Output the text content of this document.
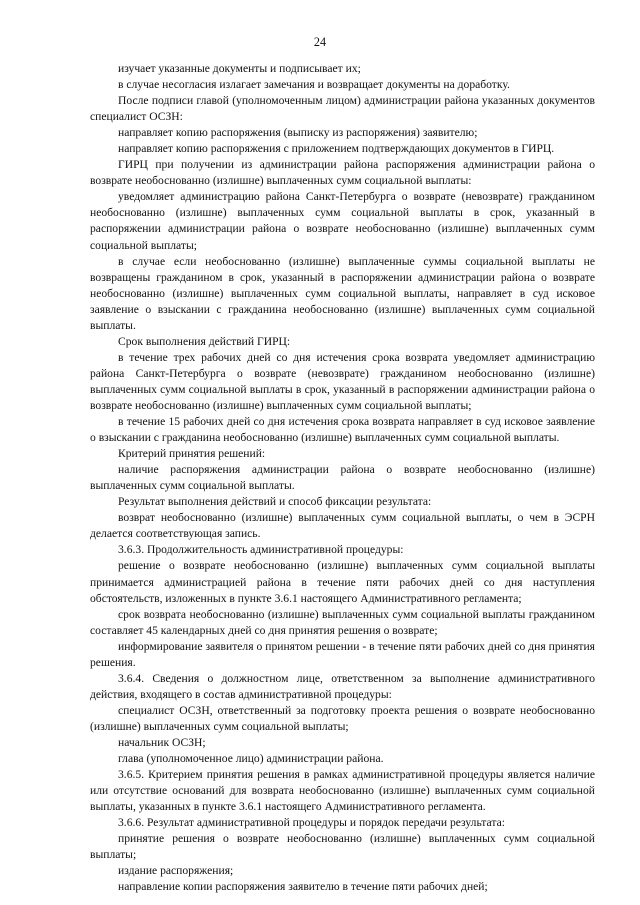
24

изучает указанные документы и подписывает их;

в случае несогласия излагает замечания и возвращает документы на доработку.

После подписи главой (уполномоченным лицом) администрации района указанных документов специалист ОСЗН:

направляет копию распоряжения (выписку из распоряжения) заявителю;

направляет копию распоряжения с приложением подтверждающих документов в ГИРЦ.

ГИРЦ при получении из администрации района распоряжения администрации района о возврате необоснованно (излишне) выплаченных сумм социальной выплаты:

уведомляет администрацию района Санкт-Петербурга о возврате (невозврате) гражданином необоснованно (излишне) выплаченных сумм социальной выплаты в срок, указанный в распоряжении администрации района о возврате необоснованно (излишне) выплаченных сумм социальной выплаты;

в случае если необоснованно (излишне) выплаченные суммы социальной выплаты не возвращены гражданином в срок, указанный в распоряжении администрации района о возврате необоснованно (излишне) выплаченных сумм социальной выплаты, направляет в суд исковое заявление о взыскании с гражданина необоснованно (излишне) выплаченных сумм социальной выплаты.

Срок выполнения действий ГИРЦ:

в течение трех рабочих дней со дня истечения срока возврата уведомляет администрацию района Санкт-Петербурга о возврате (невозврате) гражданином необоснованно (излишне) выплаченных сумм социальной выплаты в срок, указанный в распоряжении администрации района о возврате необоснованно (излишне) выплаченных сумм социальной выплаты;

в течение 15 рабочих дней со дня истечения срока возврата направляет в суд исковое заявление о взыскании с гражданина необоснованно (излишне) выплаченных сумм социальной выплаты.

Критерий принятия решений:

наличие распоряжения администрации района о возврате необоснованно (излишне) выплаченных сумм социальной выплаты.

Результат выполнения действий и способ фиксации результата:

возврат необоснованно (излишне) выплаченных сумм социальной выплаты, о чем в ЭСРН делается соответствующая запись.

3.6.3. Продолжительность административной процедуры:

решение о возврате необоснованно (излишне) выплаченных сумм социальной выплаты принимается администрацией района в течение пяти рабочих дней со дня наступления обстоятельств, изложенных в пункте 3.6.1 настоящего Административного регламента;

срок возврата необоснованно (излишне) выплаченных сумм социальной выплаты гражданином составляет 45 календарных дней со дня принятия решения о возврате;

информирование заявителя о принятом решении - в течение пяти рабочих дней со дня принятия решения.

3.6.4. Сведения о должностном лице, ответственном за выполнение административного действия, входящего в состав административной процедуры:

специалист ОСЗН, ответственный за подготовку проекта решения о возврате необоснованно (излишне) выплаченных сумм социальной выплаты;

начальник ОСЗН;

глава (уполномоченное лицо) администрации района.

3.6.5. Критерием принятия решения в рамках административной процедуры является наличие или отсутствие оснований для возврата необоснованно (излишне) выплаченных сумм социальной выплаты, указанных в пункте 3.6.1 настоящего Административного регламента.

3.6.6. Результат административной процедуры и порядок передачи результата:

принятие решения о возврате необоснованно (излишне) выплаченных сумм социальной выплаты;

издание распоряжения;

направление копии распоряжения заявителю в течение пяти рабочих дней;
